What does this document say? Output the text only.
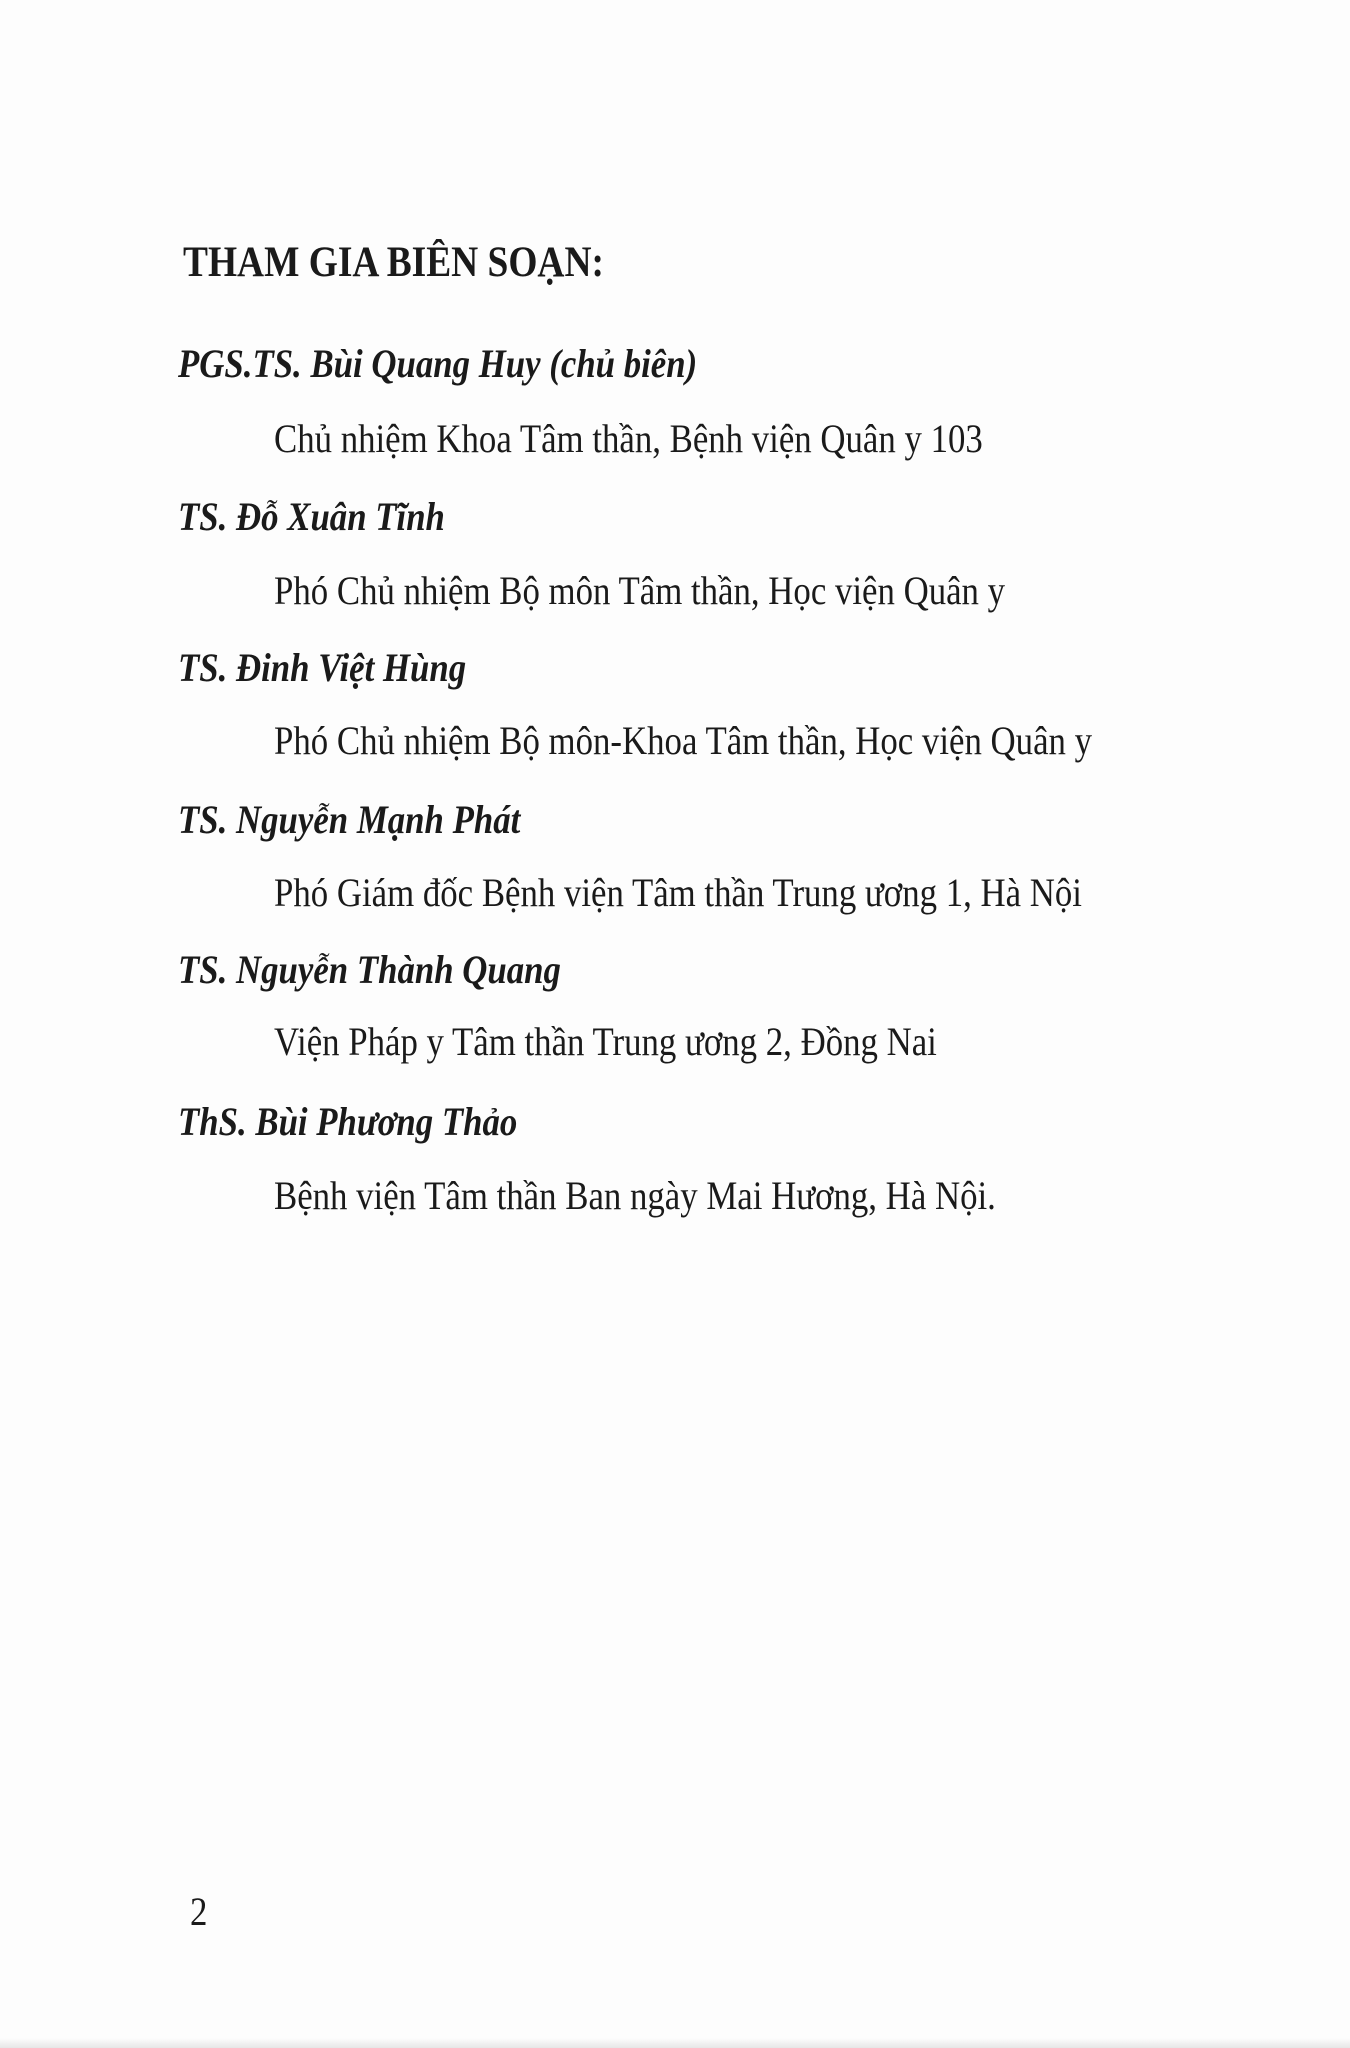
THAM GIA BIÊN SOẠN:
PGS.TS. Bùi Quang Huy (chủ biên)
Chủ nhiệm Khoa Tâm thần, Bệnh viện Quân y 103
TS. Đỗ Xuân Tĩnh
Phó Chủ nhiệm Bộ môn Tâm thần, Học viện Quân y
TS. Đinh Việt Hùng
Phó Chủ nhiệm Bộ môn-Khoa Tâm thần, Học viện Quân y
TS. Nguyễn Mạnh Phát
Phó Giám đốc Bệnh viện Tâm thần Trung ương 1, Hà Nội
TS. Nguyễn Thành Quang
Viện Pháp y Tâm thần Trung ương 2, Đồng Nai
ThS. Bùi Phương Thảo
Bệnh viện Tâm thần Ban ngày Mai Hương, Hà Nội.
2
